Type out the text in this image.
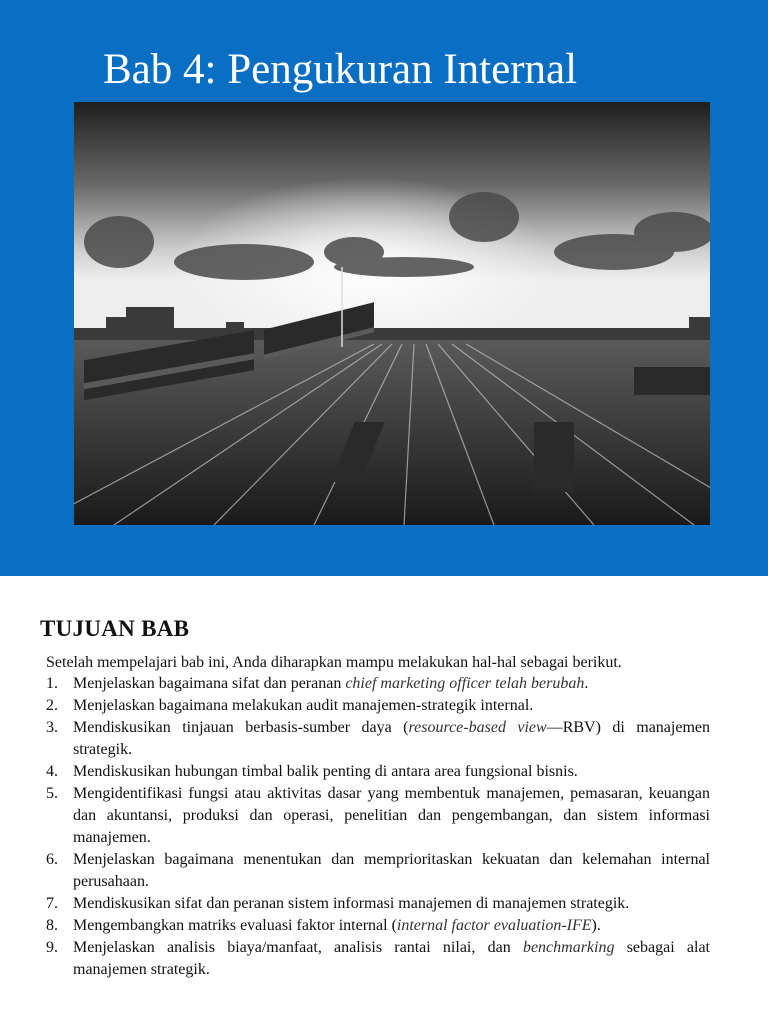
Bab 4: Pengukuran Internal
TUJUAN BAB

Setelah mempelajari bab ini, Anda diharapkan mampu melakukan hal-hal sebagai berikut.

1. Menjelaskan bagaimana sifat dan peranan chief marketing officer telah berubah.
2. Menjelaskan bagaimana melakukan audit manajemen-strategik internal.
3. Mendiskusikan tinjauan berbasis-sumber daya (resource-based view—RBV) di manajemen strategik.
4. Mendiskusikan hubungan timbal balik penting di antara area fungsional bisnis.
5. Mengidentifikasi fungsi atau aktivitas dasar yang membentuk manajemen, pemasaran, keuangan dan akuntansi, produksi dan operasi, penelitian dan pengembangan, dan sistem informasi manajemen.
6. Menjelaskan bagaimana menentukan dan memprioritaskan kekuatan dan kelemahan internal perusahaan.
7. Mendiskusikan sifat dan peranan sistem informasi manajemen di manajemen strategik.
8. Mengembangkan matriks evaluasi faktor internal (internal factor evaluation-IFE).
9. Menjelaskan analisis biaya/manfaat, analisis rantai nilai, dan benchmarking sebagai alat manajemen strategik.
